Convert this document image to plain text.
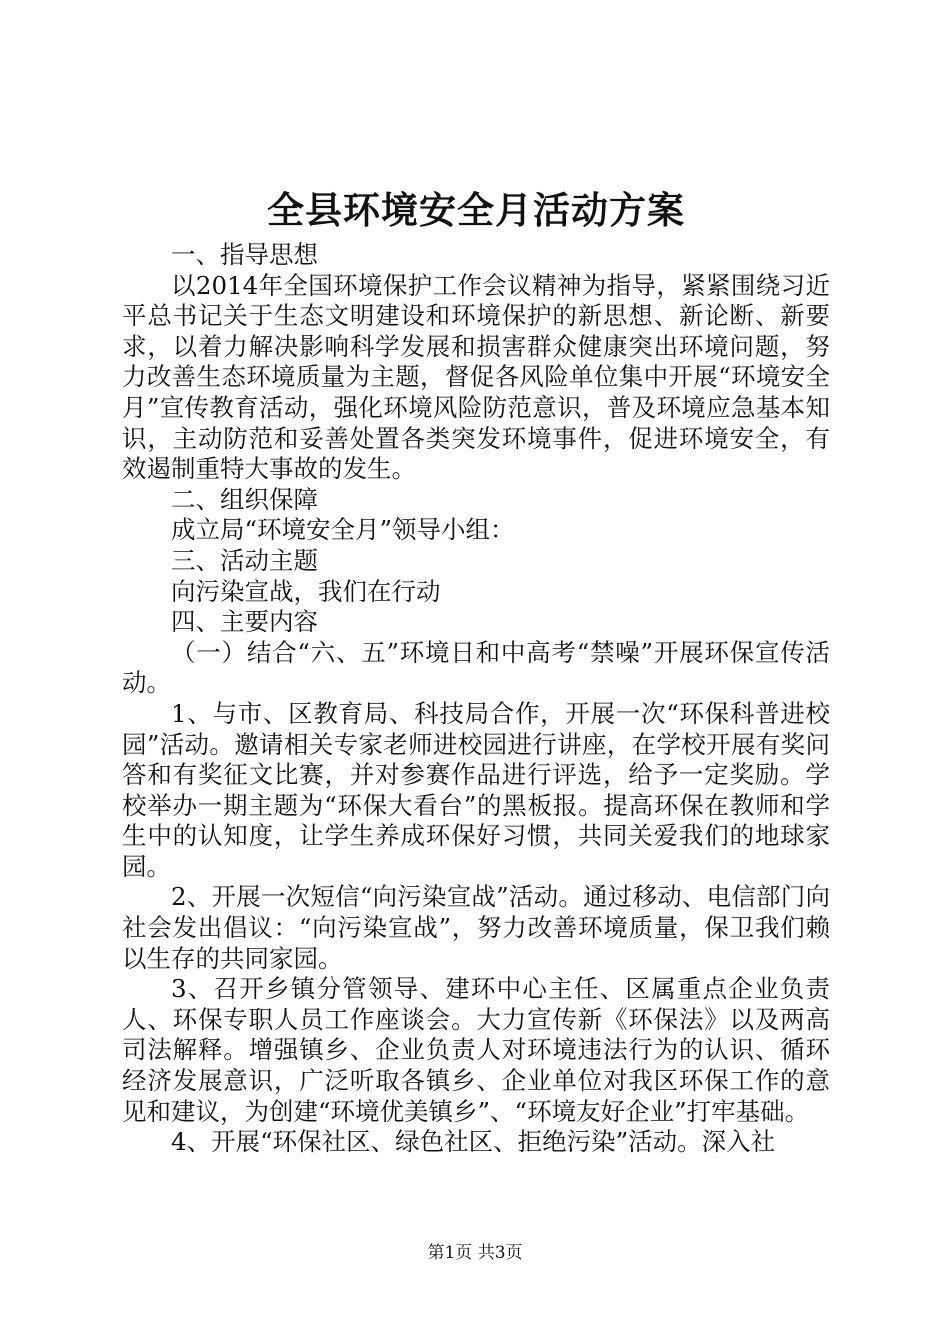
全县环境安全月活动方案

一、指导思想

以2014年全国环境保护工作会议精神为指导，紧紧围绕习近平总书记关于生态文明建设和环境保护的新思想、新论断、新要求，以着力解决影响科学发展和损害群众健康突出环境问题，努力改善生态环境质量为主题，督促各风险单位集中开展“环境安全月”宣传教育活动，强化环境风险防范意识，普及环境应急基本知识，主动防范和妥善处置各类突发环境事件，促进环境安全，有效遏制重特大事故的发生。

二、组织保障

成立局“环境安全月”领导小组：

三、活动主题

向污染宣战，我们在行动

四、主要内容

（一）结合“六、五”环境日和中高考“禁噪”开展环保宣传活动。

1、与市、区教育局、科技局合作，开展一次“环保科普进校园”活动。邀请相关专家老师进校园进行讲座，在学校开展有奖问答和有奖征文比赛，并对参赛作品进行评选，给予一定奖励。学校举办一期主题为“环保大看台”的黑板报。提高环保在教师和学生中的认知度，让学生养成环保好习惯，共同关爱我们的地球家园。

2、开展一次短信“向污染宣战”活动。通过移动、电信部门向社会发出倡议：“向污染宣战”，努力改善环境质量，保卫我们赖以生存的共同家园。

3、召开乡镇分管领导、建环中心主任、区属重点企业负责人、环保专职人员工作座谈会。大力宣传新《环保法》以及两高司法解释。增强镇乡、企业负责人对环境违法行为的认识、循环经济发展意识，广泛听取各镇乡、企业单位对我区环保工作的意见和建议，为创建“环境优美镇乡”、“环境友好企业”打牢基础。

4、开展“环保社区、绿色社区、拒绝污染”活动。深入社

第1页 共3页
